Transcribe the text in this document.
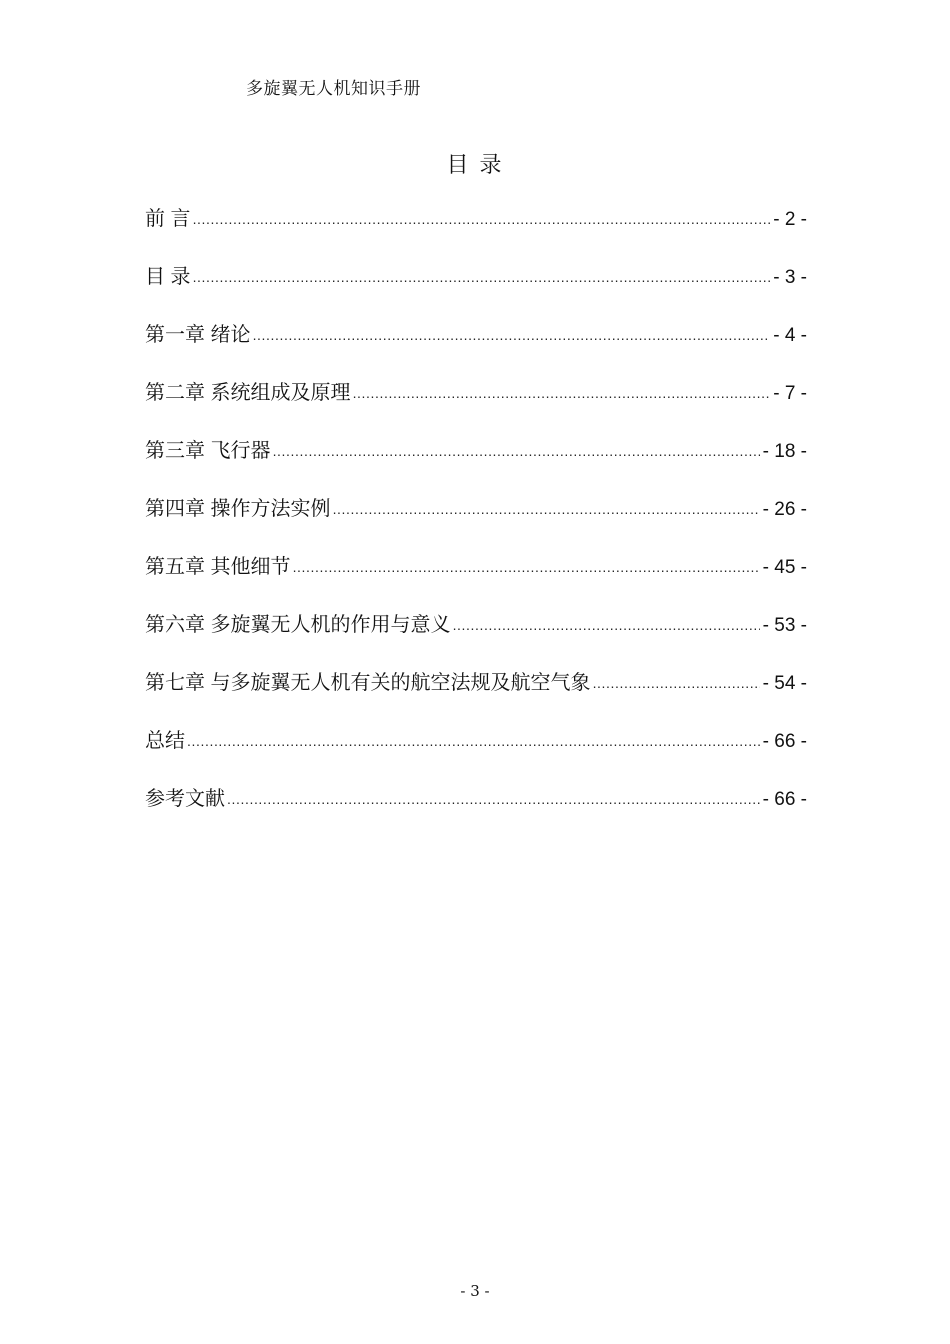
多旋翼无人机知识手册
目 录
前 言 .....	- 2 -
目 录 .....	- 3 -
第一章 绪论 .....	- 4 -
第二章 系统组成及原理 .....	- 7 -
第三章 飞行器 .....	- 18 -
第四章 操作方法实例 .....	- 26 -
第五章 其他细节 .....	- 45 -
第六章 多旋翼无人机的作用与意义 .....	- 53 -
第七章 与多旋翼无人机有关的航空法规及航空气象 .....	- 54 -
总结 .....	- 66 -
参考文献 .....	- 66 -
- 3 -
